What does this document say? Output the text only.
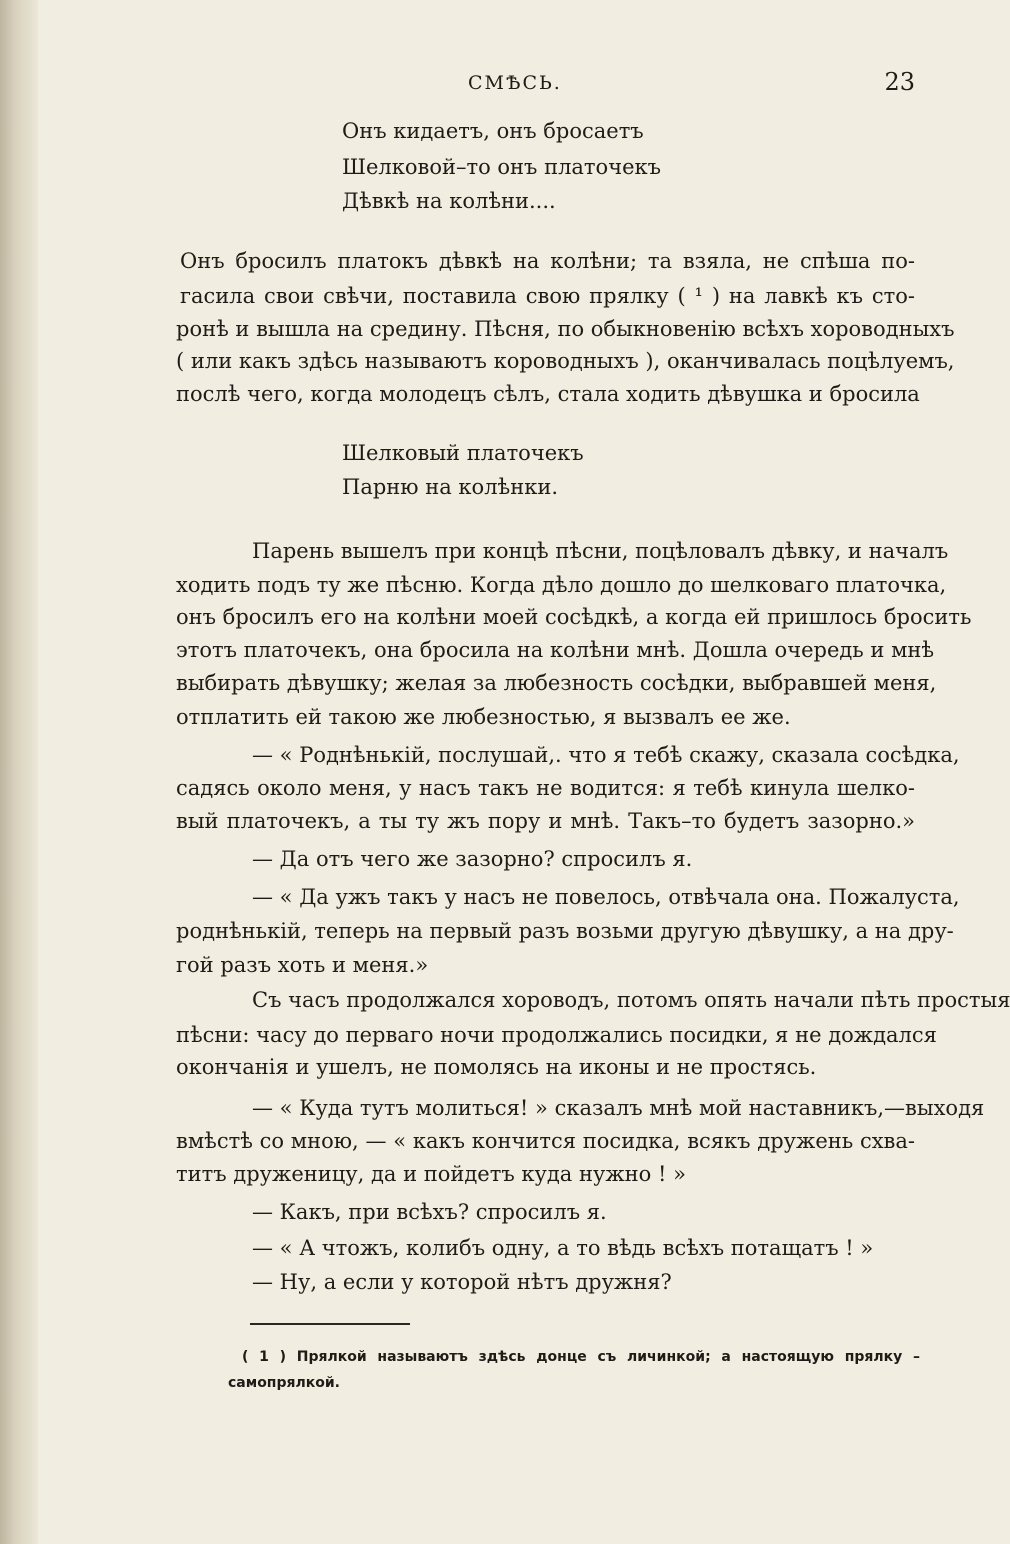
СМѢСЬ.	23
Онъ кидаетъ, онъ бросаетъ
Шелковой–то онъ платочекъ
Дѣвкѣ на колѣни....
Онъ бросилъ платокъ дѣвкѣ на колѣни; та взяла, не спѣша по-
гасила свои свѣчи, поставила свою прялку ( ¹ ) на лавкѣ къ сто-
ронѣ и вышла на средину. Пѣсня, по обыкновенію всѣхъ хороводныхъ
( или какъ здѣсь называютъ короводныхъ ), оканчивалась поцѣлуемъ,
послѣ чего, когда молодецъ сѣлъ, стала ходить дѣвушка и бросила
Шелковый платочекъ
Парню на колѣнки.
Парень вышелъ при концѣ пѣсни, поцѣловалъ дѣвку, и началъ
ходить подъ ту же пѣсню. Когда дѣло дошло до шелковаго платочка,
онъ бросилъ его на колѣни моей сосѣдкѣ, а когда ей пришлось бросить
этотъ платочекъ, она бросила на колѣни мнѣ. Дошла очередь и мнѣ
выбирать дѣвушку; желая за любезность сосѣдки, выбравшей меня,
отплатить ей такою же любезностью, я вызвалъ ее же.
— « Роднѣнькій, послушай,. что я тебѣ скажу, сказала сосѣдка,
садясь около меня, у насъ такъ не водится: я тебѣ кинула шелко-
вый платочекъ, а ты ту жъ пору и мнѣ. Такъ–то будетъ зазорно.»
— Да отъ чего же зазорно? спросилъ я.
— « Да ужъ такъ у насъ не повелось, отвѣчала она. Пожалуста,
роднѣнькій, теперь на первый разъ возьми другую дѣвушку, а на дру-
гой разъ хоть и меня.»
Съ часъ продолжался хороводъ, потомъ опять начали пѣть простыя
пѣсни: часу до перваго ночи продолжались посидки, я не дождался
окончанія и ушелъ, не помолясь на иконы и не простясь.
— « Куда тутъ молиться! » сказалъ мнѣ мой наставникъ,—выходя
вмѣстѣ со мною, — « какъ кончится посидка, всякъ дружень схва-
титъ друженицу, да и пойдетъ куда нужно ! »
— Какъ, при всѣхъ? спросилъ я.
— « А чтожъ, колибъ одну, а то вѣдь всѣхъ потащатъ ! »
— Ну, а если у которой нѣтъ дружня?
( 1 ) Прялкой называютъ здѣсь донце съ личинкой; а настоящую прялку –
самопрялкой.
